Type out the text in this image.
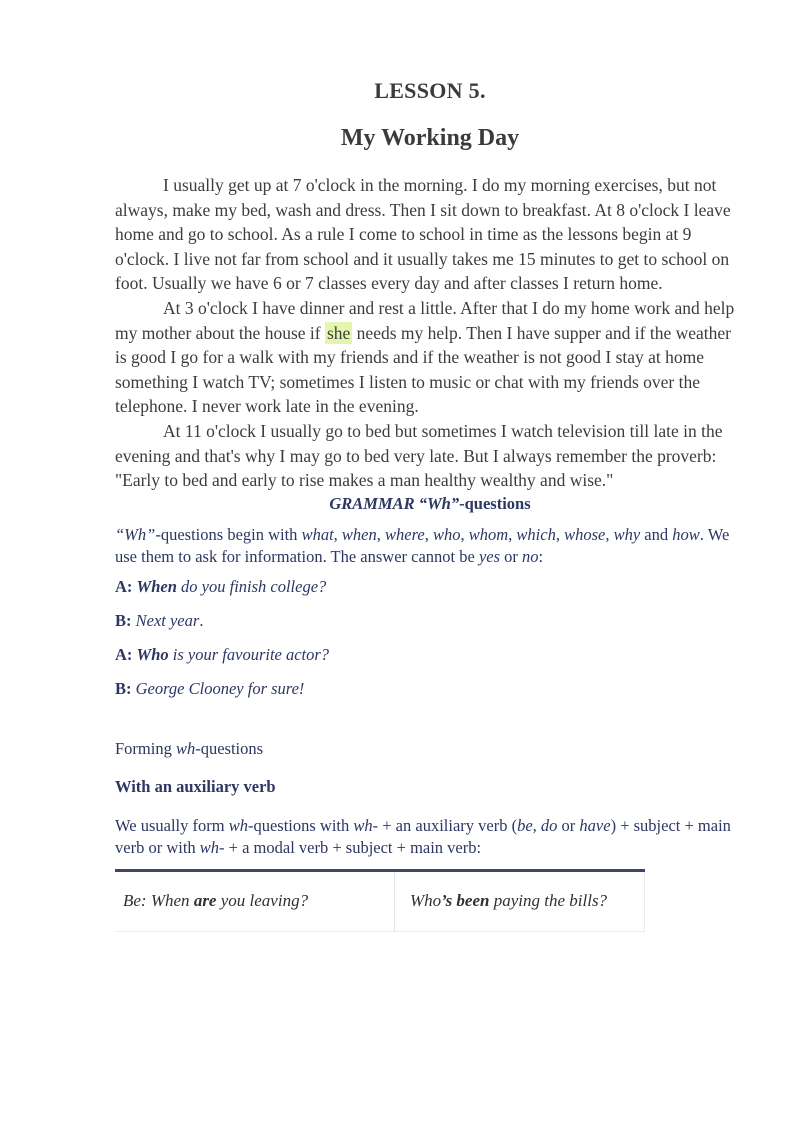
LESSON 5.
My Working Day

I usually get up at 7 o'clock in the morning. I do my morning exercises, but not always, make my bed, wash and dress. Then I sit down to breakfast. At 8 o'clock I leave home and go to school. As a rule I come to school in time as the lessons begin at 9 o'clock. I live not far from school and it usually takes me 15 minutes to get to school on foot. Usually we have 6 or 7 classes every day and after classes I return home.

At 3 o'clock I have dinner and rest a little. After that I do my home work and help my mother about the house if she needs my help. Then I have supper and if the weather is good I go for a walk with my friends and if the weather is not good I stay at home something I watch TV; sometimes I listen to music or chat with my friends over the telephone. I never work late in the evening.

At 11 o'clock I usually go to bed but sometimes I watch television till late in the evening and that's why I may go to bed very late. But I always remember the proverb: "Early to bed and early to rise makes a man healthy wealthy and wise."

GRAMMAR “Wh”-questions

“Wh”-questions begin with what, when, where, who, whom, which, whose, why and how. We use them to ask for information. The answer cannot be yes or no:

A: When do you finish college?

B: Next year.

A: Who is your favourite actor?

B: George Clooney for sure!

Forming wh-questions

With an auxiliary verb

We usually form wh-questions with wh- + an auxiliary verb (be, do or have) + subject + main verb or with wh- + a modal verb + subject + main verb:

Be: When are you leaving?	Who’s been paying the bills?
